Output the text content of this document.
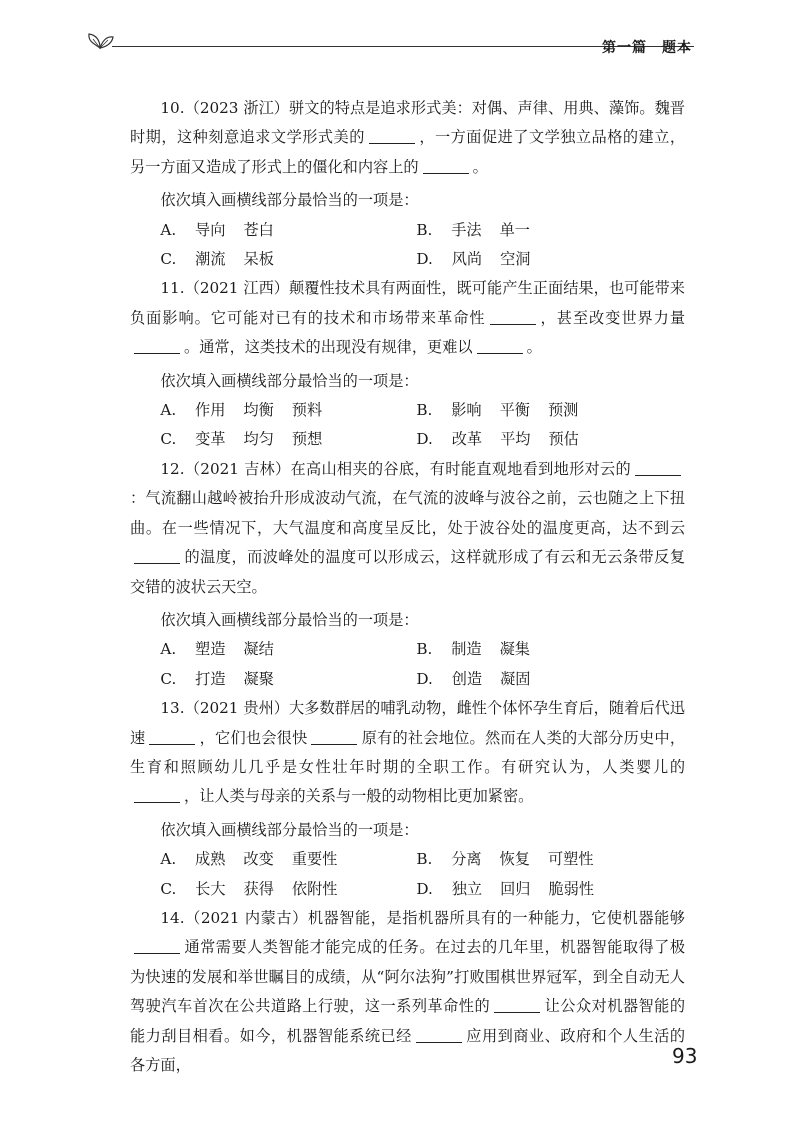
第一篇　题本
10.（2023 浙江）骈文的特点是追求形式美：对偶、声律、用典、藻饰。魏晋时期，这种刻意追求文学形式美的	，一方面促进了文学独立品格的建立，另一方面又造成了形式上的僵化和内容上的	。
依次填入画横线部分最恰当的一项是：
A. 导向 苍白	B. 手法 单一
C. 潮流 呆板	D. 风尚 空洞
11.（2021 江西）颠覆性技术具有两面性，既可能产生正面结果，也可能带来负面影响。它可能对已有的技术和市场带来革命性	，甚至改变世界力量。通常，这类技术的出现没有规律，更难以	。
依次填入画横线部分最恰当的一项是：
A. 作用 均衡 预料	B. 影响 平衡 预测
C. 变革 均匀 预想	D. 改革 平均 预估
12.（2021 吉林）在高山相夹的谷底，有时能直观地看到地形对云的：气流翻山越岭被抬升形成波动气流，在气流的波峰与波谷之前，云也随之上下扭曲。在一些情况下，大气温度和高度呈反比，处于波谷处的温度更高，达不到云的温度，而波峰处的温度可以形成云，这样就形成了有云和无云条带反复交错的波状云天空。
依次填入画横线部分最恰当的一项是：
A. 塑造 凝结	B. 制造 凝集
C. 打造 凝聚	D. 创造 凝固
13.（2021 贵州）大多数群居的哺乳动物，雌性个体怀孕生育后，随着后代迅速	，它们也会很快	原有的社会地位。然而在人类的大部分历史中，生育和照顾幼儿几乎是女性壮年时期的全职工作。有研究认为，人类婴儿的，让人类与母亲的关系与一般的动物相比更加紧密。
依次填入画横线部分最恰当的一项是：
A. 成熟 改变 重要性	B. 分离 恢复 可塑性
C. 长大 获得 依附性	D. 独立 回归 脆弱性
14.（2021 内蒙古）机器智能，是指机器所具有的一种能力，它使机器能够通常需要人类智能才能完成的任务。在过去的几年里，机器智能取得了极为快速的发展和举世瞩目的成绩，从“阿尔法狗”打败围棋世界冠军，到全自动无人驾驶汽车首次在公共道路上行驶，这一系列革命性的	让公众对机器智能的能力刮目相看。如今，机器智能系统已经	应用到商业、政府和个人生活的各方面，	93
